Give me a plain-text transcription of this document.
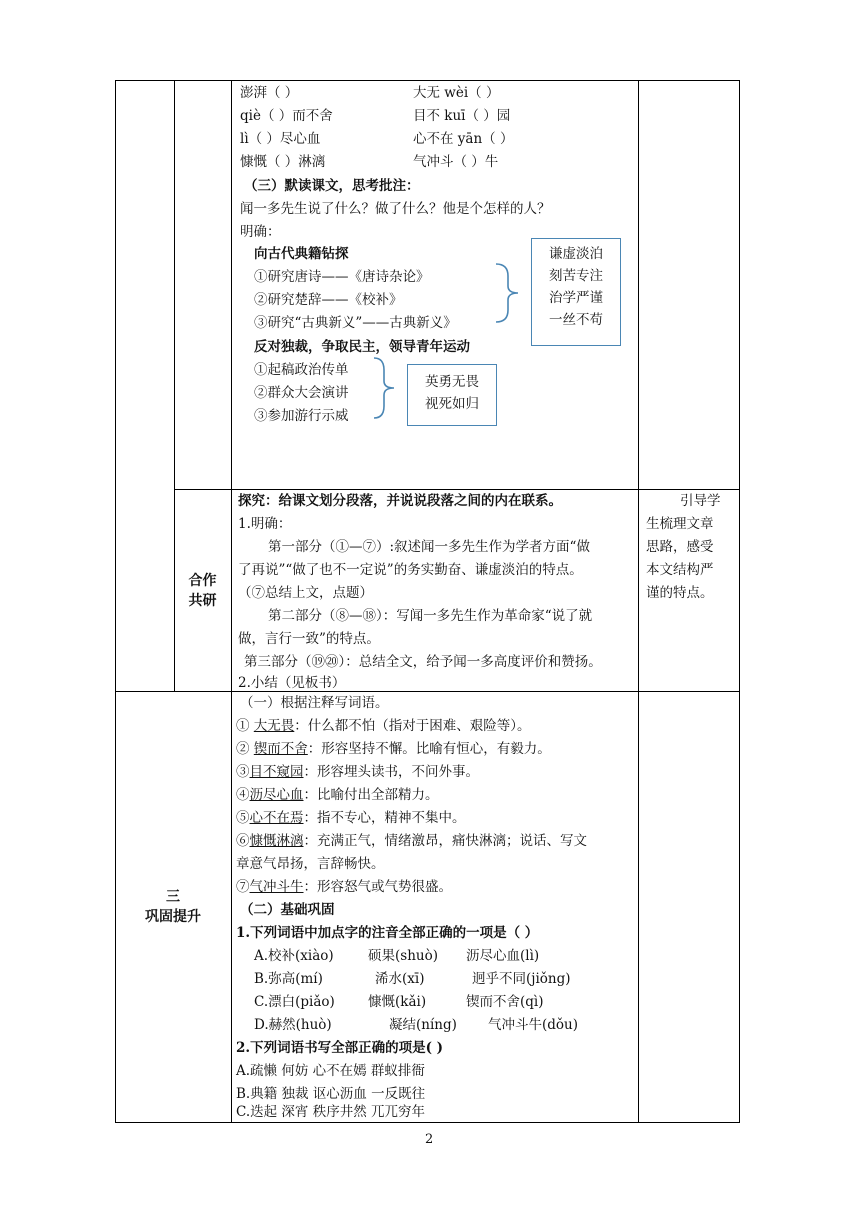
澎湃（ ）	大无 wèi（ ）
qiè（ ）而不舍	目不 kuī（ ）园
lì（ ）尽心血	心不在 yān（ ）
慷慨（ ）淋漓	气冲斗（ ）牛
（三）默读课文，思考批注：
闻一多先生说了什么？做了什么？他是个怎样的人？
明确：
向古代典籍钻探
①研究唐诗——《唐诗杂论》
②研究楚辞——《校补》
③研究“古典新义”——古典新义》
谦虚淡泊
刻苦专注
治学严谨
一丝不苟
反对独裁，争取民主，领导青年运动
①起稿政治传单
②群众大会演讲
③参加游行示威
英勇无畏
视死如归
合作
共研
探究：给课文划分段落，并说说段落之间的内在联系。
1.明确：
第一部分（①—⑦）:叙述闻一多先生作为学者方面“做
了再说”“做了也不一定说”的务实勤奋、谦虚淡泊的特点。
（⑦总结上文，点题）
第二部分（⑧—⑱）：写闻一多先生作为革命家“说了就
做，言行一致”的特点。
第三部分（⑲⑳）：总结全文，给予闻一多高度评价和赞扬。
2.小结（见板书）
引导学
生梳理文章
思路，感受
本文结构严
谨的特点。
三
巩固提升
（一）根据注释写词语。
① 大无畏：什么都不怕（指对于困难、艰险等）。
② 锲而不舍：形容坚持不懈。比喻有恒心，有毅力。
③目不窥园：形容埋头读书，不问外事。
④沥尽心血：比喻付出全部精力。
⑤心不在焉：指不专心，精神不集中。
⑥慷慨淋漓：充满正气，情绪激昂，痛快淋漓；说话、写文
章意气昂扬，言辞畅快。
⑦气冲斗牛：形容怒气或气势很盛。
（二）基础巩固
1.下列词语中加点字的注音全部正确的一项是（ ）
A.校补(xiào)	硕果(shuò) 沥尽心血(lì)
B.弥高(mí)	浠水(xī)	迥乎不同(jiǒng)
C.漂白(piǎo) 慷慨(kǎi)	锲而不舍(qì)
D.赫然(huò)	凝结(níng) 气冲斗牛(dǒu)
2.下列词语书写全部正确的项是( )
A.疏懒 何妨 心不在嫣 群蚁排衙
B.典籍 独裁 讴心沥血 一反既往
C.迭起 深宵 秩序井然 兀兀穷年
2
